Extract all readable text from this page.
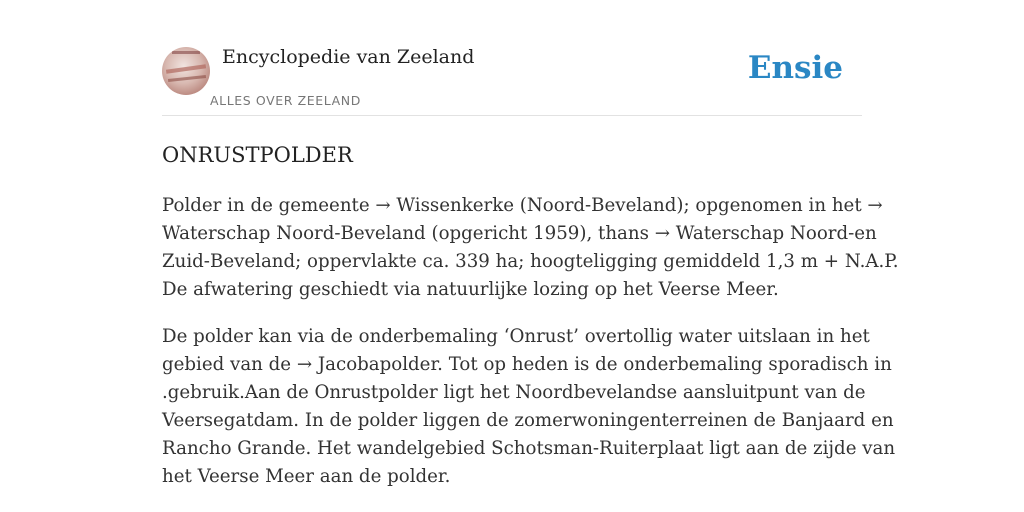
Encyclopedie van Zeeland
ALLES OVER ZEELAND
Ensie
ONRUSTPOLDER

Polder in de gemeente → Wissenkerke (Noord-Beveland); opgenomen in het →
Waterschap Noord-Beveland (opgericht 1959), thans → Waterschap Noord-en
Zuid-Beveland; oppervlakte ca. 339 ha; hoogteligging gemiddeld 1,3 m + N.A.P.
De afwatering geschiedt via natuurlijke lozing op het Veerse Meer.

De polder kan via de onderbemaling ‘Onrust’ overtollig water uitslaan in het
gebied van de → Jacobapolder. Tot op heden is de onderbemaling sporadisch in
.gebruik.Aan de Onrustpolder ligt het Noordbevelandse aansluitpunt van de
Veersegatdam. In de polder liggen de zomerwoningenterreinen de Banjaard en
Rancho Grande. Het wandelgebied Schotsman-Ruiterplaat ligt aan de zijde van
het Veerse Meer aan de polder.
